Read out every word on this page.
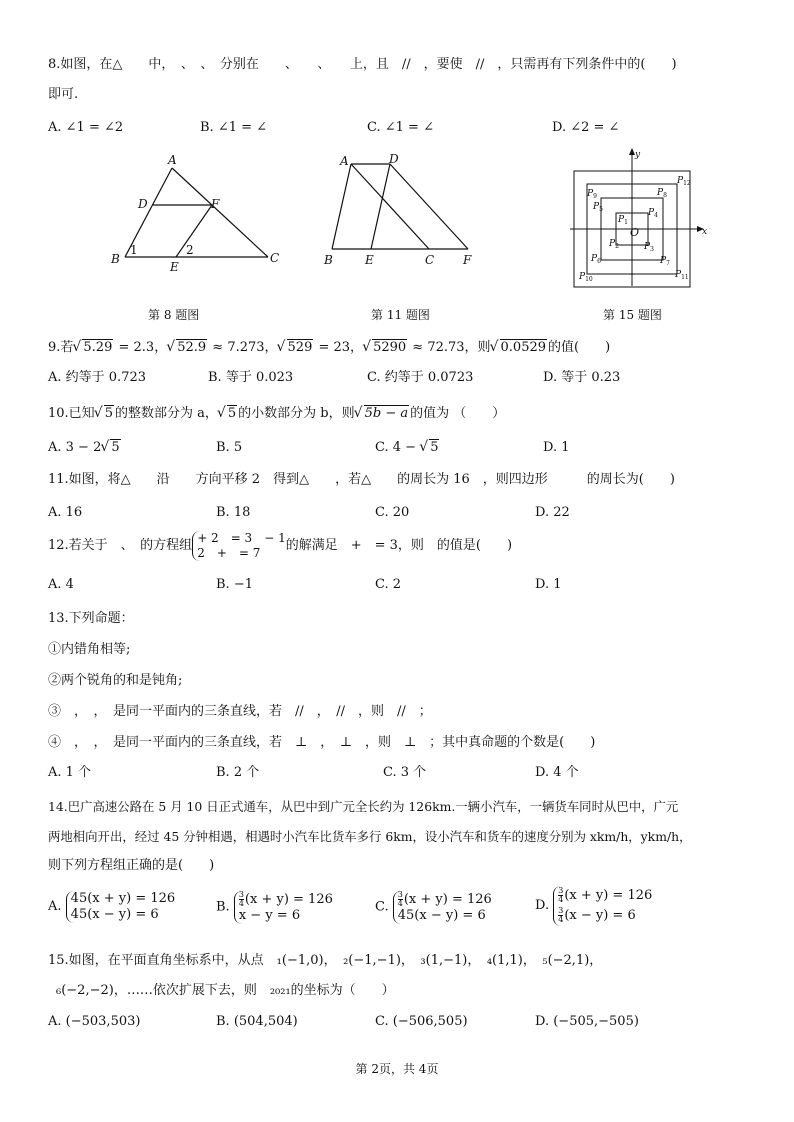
8.如图，在△　　中，　、　、　分别在　　、　　、　　上，且　//　，要使　//　，只需再有下列条件中的(　　)
即可.
A. ∠1 = ∠2	B. ∠1 = ∠	C. ∠1 = ∠	D. ∠2 = ∠
A
D	F
B
1	2
E
C
第 8 题图
A	D
B	E	C F
第 11 题图
y
x
O
$P_1$
$P_2$	$P_3$
$P_4$
$P_5$
$P_6$	$P_7$
$P_8$
$P_9$
$P_{10}$	$P_{11}$
$P_{12}$
第 15 题图
9.若 √ 5.29 = 2.3， √ 52.9 ≈ 7.273， √ 529 = 23， √ 5290 ≈ 72.73，则 √ 0.0529 的值(　　)
A. 约等于 0.723	B. 等于 0.023	C. 约等于 0.0723	D. 等于 0.23
10.已知 √ 5 的整数部分为 a， √ 5 的小数部分为 b，则 √ 5b − a 的值为 （　　）
A. 3 − 2 √ 5	B. 5	C. 4 − √ 5	D. 1
11.如图，将△　　沿　　方向平移 2　得到△　　，若△　　的周长为 16　，则四边形　　　的周长为(　　)
A. 16	B. 18	C. 20	D. 22
12.若关于　、　的方程组 + 2　= 3　− 1
2　+　= 7	的解满足　+　= 3，则　的值是(　　)
A. 4	B. −1	C. 2	D. 1
13.下列命题：
①内错角相等;
②两个锐角的和是钝角;
③　，　，　是同一平面内的三条直线，若　//　，　//　，则　//　；
④　，　，　是同一平面内的三条直线，若　⊥　，　⊥　，则　⊥　；其中真命题的个数是(　　)
A. 1 个	B. 2 个	C. 3 个	D. 4 个
14.巴广高速公路在 5 月 10 日正式通车，从巴中到广元全长约为 126km.一辆小汽车，一辆货车同时从巴中，广元
两地相向开出，经过 45 分钟相遇，相遇时小汽车比货车多行 6km，设小汽车和货车的速度分别为 xkm/h，ykm/h，
则下列方程组正确的是(　　)
A.
45(x + y) = 126
45(x − y) = 6	B. $\frac{3}{4} (x + y) = 126$
x − y = 6
C. $\frac{3}{4} (x + y) = 126$
45(x − y) = 6
D.
$\frac{3}{4} (x + y) = 126$
$\frac{3}{4} (x - y) = 6$
15.如图，在平面直角坐标系中，从点　₁(−1,0)，　₂(−1,−1)，　₃(1,−1)，　₄(1,1)，　₅(−2,1)，
₆(−2,−2)，……依次扩展下去，则　₂₀₂₁的坐标为（　　）
A. (−503,503)	B. (504,504)	C. (−506,505)	D. (−505,−505)
第 2页，共 4页
